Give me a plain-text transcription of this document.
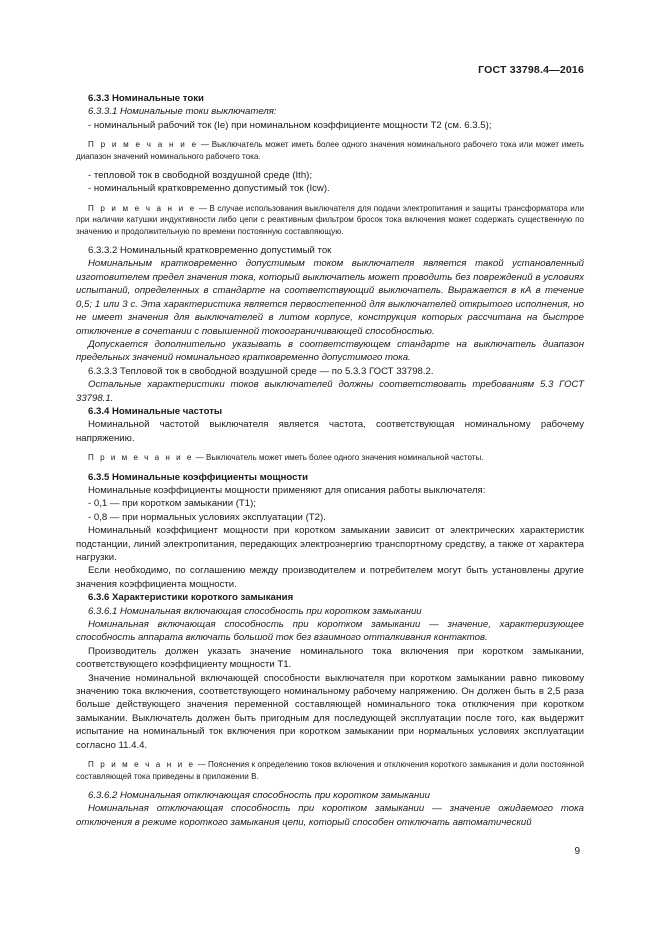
ГОСТ 33798.4—2016

6.3.3 Номинальные токи

6.3.3.1 Номинальные токи выключателя:

- номинальный рабочий ток (Iе) при номинальном коэффициенте мощности Т2 (см. 6.3.5);

П р и м е ч а н и е — Выключатель может иметь более одного значения номинального рабочего тока или может иметь диапазон значений номинального рабочего тока.

- тепловой ток в свободной воздушной среде (Ith);

- номинальный кратковременно допустимый ток (Icw).

П р и м е ч а н и е — В случае использования выключателя для подачи электропитания и защиты трансформатора или при наличии катушки индуктивности либо цепи с реактивным фильтром бросок тока включения может содержать существенную по значению и продолжительную по времени постоянную составляющую.

6.3.3.2 Номинальный кратковременно допустимый ток

Номинальным кратковременно допустимым током выключателя является такой установленный изготовителем предел значения тока, который выключатель может проводить без повреждений в условиях испытаний, определенных в стандарте на соответствующий выключатель. Выражается в кА в течение 0,5; 1 или 3 с. Эта характеристика является первостепенной для выключателей открытого исполнения, но не имеет значения для выключателей в литом корпусе, конструкция которых рассчитана на быстрое отключение в сочетании с повышенной токоограничивающей способностью.

Допускается дополнительно указывать в соответствующем стандарте на выключатель диапазон предельных значений номинального кратковременно допустимого тока.

6.3.3.3 Тепловой ток в свободной воздушной среде — по 5.3.3 ГОСТ 33798.2.

Остальные характеристики токов выключателей должны соответствовать требованиям 5.3 ГОСТ 33798.1.

6.3.4 Номинальные частоты

Номинальной частотой выключателя является частота, соответствующая номинальному рабочему напряжению.

П р и м е ч а н и е — Выключатель может иметь более одного значения номинальной частоты.

6.3.5 Номинальные коэффициенты мощности

Номинальные коэффициенты мощности применяют для описания работы выключателя:

- 0,1 — при коротком замыкании (Т1);

- 0,8 — при нормальных условиях эксплуатации (Т2).

Номинальный коэффициент мощности при коротком замыкании зависит от электрических характеристик подстанции, линий электропитания, передающих электроэнергию транспортному средству, а также от характера нагрузки.

Если необходимо, по соглашению между производителем и потребителем могут быть установлены другие значения коэффициента мощности.

6.3.6 Характеристики короткого замыкания

6.3.6.1 Номинальная включающая способность при коротком замыкании

Номинальная включающая способность при коротком замыкании — значение, характеризующее способность аппарата включать большой ток без взаимного отталкивания контактов.

Производитель должен указать значение номинального тока включения при коротком замыкании, соответствующего коэффициенту мощности Т1.

Значение номинальной включающей способности выключателя при коротком замыкании равно пиковому значению тока включения, соответствующего номинальному рабочему напряжению. Он должен быть в 2,5 раза больше действующего значения переменной составляющей номинального тока отключения при коротком замыкании. Выключатель должен быть пригодным для последующей эксплуатации после того, как выдержит испытание на номинальный ток включения при коротком замыкании при нормальных условиях эксплуатации согласно 11.4.4.

П р и м е ч а н и е — Пояснения к определению токов включения и отключения короткого замыкания и доли постоянной составляющей тока приведены в приложении В.

6.3.6.2 Номинальная отключающая способность при коротком замыкании

Номинальная отключающая способность при коротком замыкании — значение ожидаемого тока отключения в режиме короткого замыкания цепи, который способен отключать автоматический

9
